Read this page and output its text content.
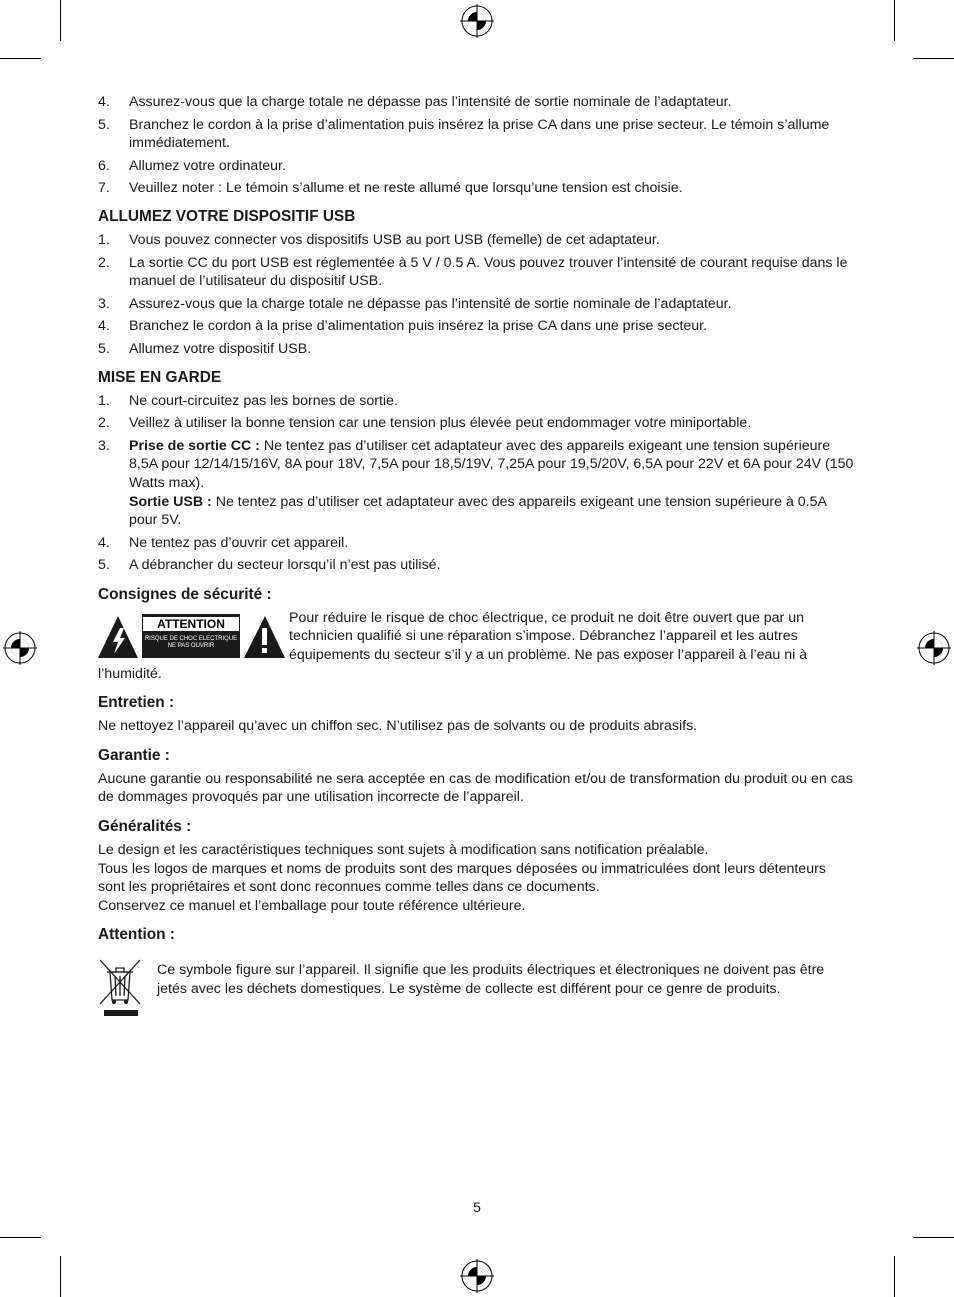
4. Assurez-vous que la charge totale ne dépasse pas l’intensité de sortie nominale de l’adaptateur.
5. Branchez le cordon à la prise d’alimentation puis insérez la prise CA dans une prise secteur. Le témoin s’allume immédiatement.
6. Allumez votre ordinateur.
7. Veuillez noter : Le témoin s’allume et ne reste allumé que lorsqu’une tension est choisie.
ALLUMEZ VOTRE DISPOSITIF USB
1. Vous pouvez connecter vos dispositifs USB au port USB (femelle) de cet adaptateur.
2. La sortie CC du port USB est réglementée à 5 V / 0.5 A. Vous pouvez trouver l’intensité de courant requise dans le manuel de l’utilisateur du dispositif USB.
3. Assurez-vous que la charge totale ne dépasse pas l’intensité de sortie nominale de l’adaptateur.
4. Branchez le cordon à la prise d’alimentation puis insérez la prise CA dans une prise secteur.
5. Allumez votre dispositif USB.
MISE EN GARDE
1. Ne court-circuitez pas les bornes de sortie.
2. Veillez à utiliser la bonne tension car une tension plus élevée peut endommager votre miniportable.
3. Prise de sortie CC : Ne tentez pas d’utiliser cet adaptateur avec des appareils exigeant une tension supérieure 8,5A pour 12/14/15/16V, 8A pour 18V, 7,5A pour 18,5/19V, 7,25A pour 19,5/20V, 6,5A pour 22V et 6A pour 24V (150 Watts max).
Sortie USB : Ne tentez pas d’utiliser cet adaptateur avec des appareils exigeant une tension supérieure à 0.5A pour 5V.
4. Ne tentez pas d’ouvrir cet appareil.
5. A débrancher du secteur lorsqu’il n’est pas utilisé.
Consignes de sécurité :
ATTENTION
RISQUE DE CHOC ELECTRIQUE
NE PAS OUVRIR

Pour réduire le risque de choc électrique, ce produit ne doit être ouvert que par un technicien qualifié si une réparation s’impose. Débranchez l’appareil et les autres équipements du secteur s’il y a un problème. Ne pas exposer l’appareil à l’eau ni à l’humidité.

Entretien :

Ne nettoyez l’appareil qu’avec un chiffon sec. N’utilisez pas de solvants ou de produits abrasifs.

Garantie :

Aucune garantie ou responsabilité ne sera acceptée en cas de modification et/ou de transformation du produit ou en cas de dommages provoqués par une utilisation incorrecte de l’appareil.

Généralités :

Le design et les caractéristiques techniques sont sujets à modification sans notification préalable.

Tous les logos de marques et noms de produits sont des marques déposées ou immatriculées dont leurs détenteurs sont les propriétaires et sont donc reconnues comme telles dans ce documents.

Conservez ce manuel et l’emballage pour toute référence ultérieure.

Attention :

Ce symbole figure sur l’appareil. Il signifie que les produits électriques et électroniques ne doivent pas être jetés avec les déchets domestiques. Le système de collecte est différent pour ce genre de produits.

5
